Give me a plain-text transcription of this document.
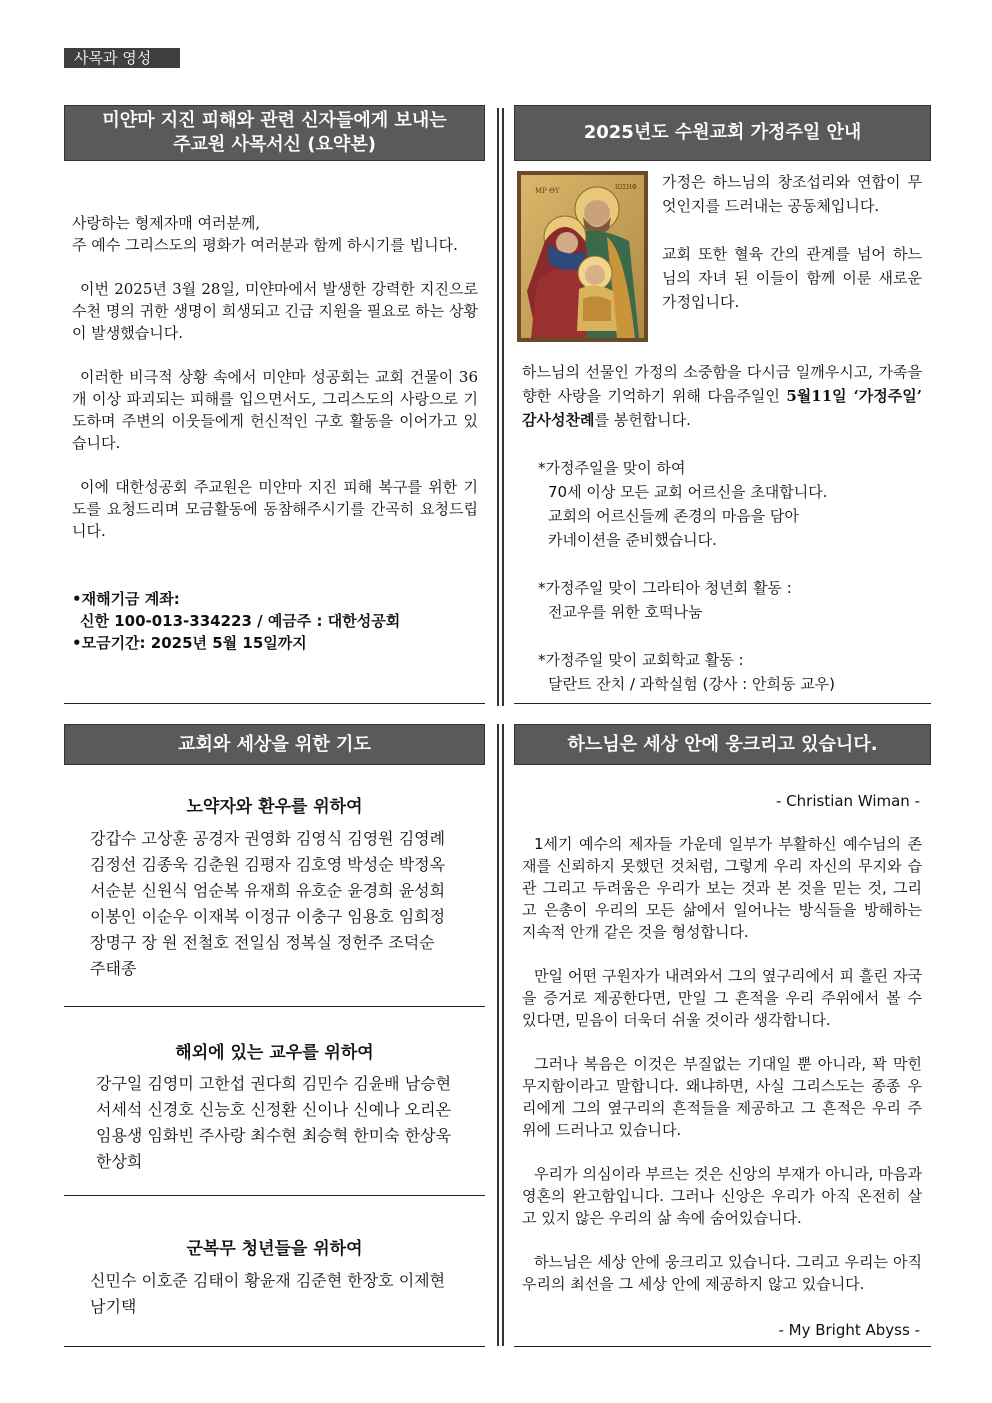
사목과 영성
미얀마 지진 피해와 관련 신자들에게 보내는
주교원 사목서신 (요약본)

사랑하는 형제자매 여러분께,

주 예수 그리스도의 평화가 여러분과 함께 하시기를 빕니다.

이번 2025년 3월 28일, 미얀마에서 발생한 강력한 지진으로 수천 명의 귀한 생명이 희생되고 긴급 지원을 필요로 하는 상황이 발생했습니다.

이러한 비극적 상황 속에서 미얀마 성공회는 교회 건물이 36개 이상 파괴되는 피해를 입으면서도, 그리스도의 사랑으로 기도하며 주변의 이웃들에게 헌신적인 구호 활동을 이어가고 있습니다.

이에 대한성공회 주교원은 미얀마 지진 피해 복구를 위한 기도를 요청드리며 모금활동에 동참해주시기를 간곡히 요청드립니다.

•재해기금 계좌:
신한 100-013-334223 / 예금주 : 대한성공회
•모금기간: 2025년 5월 15일까지
2025년도 수원교회 가정주일 안내
ΜΡ ΘΥ	ΙΩΣΗΦ 가정은 하느님의 창조섭리와 연합이 무엇인지를 드러내는 공동체입니다.

교회 또한 혈육 간의 관계를 넘어 하느님의 자녀 된 이들이 함께 이룬 새로운 가정입니다.

하느님의 선물인 가정의 소중함을 다시금 일깨우시고, 가족을 향한 사랑을 기억하기 위해 다음주일인 5월11일 ‘가정주일’ 감사성찬례를 봉헌합니다.
*가정주일을 맞이 하여
70세 이상 모든 교회 어르신을 초대합니다.
교회의 어르신들께 존경의 마음을 담아
카네이션을 준비했습니다.
*가정주일 맞이 그라티아 청년회 활동 :
전교우를 위한 호떡나눔
*가정주일 맞이 교회학교 활동 :
달란트 잔치 / 과학실험 (강사 : 안희동 교우)
교회와 세상을 위한 기도
노약자와 환우를 위하여
강갑수 고상훈 공경자 권영화 김영식 김영원 김영례
김정선 김종욱 김춘원 김평자 김호영 박성순 박정옥
서순분 신원식 엄순복 유재희 유호순 윤경희 윤성희
이봉인 이순우 이재복 이정규 이충구 임용호 임희정
장명구 장 원 전철호 전일심 정복실 정헌주 조덕순
주태종
해외에 있는 교우를 위하여
강구일 김영미 고한섭 권다희 김민수 김윤배 남승현
서세석 신경호 신능호 신정환 신이나 신예나 오리온
임용생 임화빈 주사랑 최수현 최승혁 한미숙 한상욱
한상희
군복무 청년들을 위하여
신민수 이호준 김태이 황윤재 김준현 한장호 이제현
남기택
하느님은 세상 안에 웅크리고 있습니다.
- Christian Wiman -

1세기 예수의 제자들 가운데 일부가 부활하신 예수님의 존재를 신뢰하지 못했던 것처럼, 그렇게 우리 자신의 무지와 습관 그리고 두려움은 우리가 보는 것과 본 것을 믿는 것, 그리고 은총이 우리의 모든 삶에서 일어나는 방식들을 방해하는 지속적 안개 같은 것을 형성합니다.

만일 어떤 구원자가 내려와서 그의 옆구리에서 피 흘린 자국을 증거로 제공한다면, 만일 그 흔적을 우리 주위에서 볼 수 있다면, 믿음이 더욱더 쉬울 것이라 생각합니다.

그러나 복음은 이것은 부질없는 기대일 뿐 아니라, 꽉 막힌 무지함이라고 말합니다. 왜냐하면, 사실 그리스도는 종종 우리에게 그의 옆구리의 흔적들을 제공하고 그 흔적은 우리 주위에 드러나고 있습니다.

우리가 의심이라 부르는 것은 신앙의 부재가 아니라, 마음과 영혼의 완고함입니다. 그러나 신앙은 우리가 아직 온전히 살고 있지 않은 우리의 삶 속에 숨어있습니다.

하느님은 세상 안에 웅크리고 있습니다. 그리고 우리는 아직 우리의 최선을 그 세상 안에 제공하지 않고 있습니다.

- My Bright Abyss -
